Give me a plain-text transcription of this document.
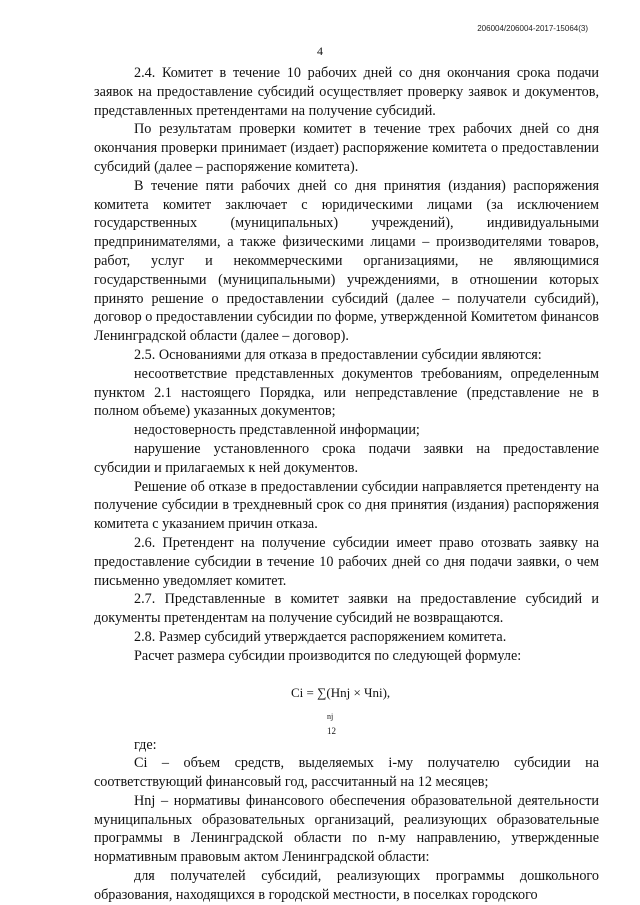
206004/206004-2017-15064(3)
4

2.4. Комитет в течение 10 рабочих дней со дня окончания срока подачи заявок на предоставление субсидий осуществляет проверку заявок и документов, представленных претендентами на получение субсидий.

По результатам проверки комитет в течение трех рабочих дней со дня окончания проверки принимает (издает) распоряжение комитета о предоставлении субсидий (далее – распоряжение комитета).

В течение пяти рабочих дней со дня принятия (издания) распоряжения комитета комитет заключает с юридическими лицами (за исключением государственных (муниципальных) учреждений), индивидуальными предпринимателями, а также физическими лицами – производителями товаров, работ, услуг и некоммерческими организациями, не являющимися государственными (муниципальными) учреждениями, в отношении которых принято решение о предоставлении субсидий (далее – получатели субсидий), договор о предоставлении субсидии по форме, утвержденной Комитетом финансов Ленинградской области (далее – договор).

2.5. Основаниями для отказа в предоставлении субсидии являются:

несоответствие представленных документов требованиям, определенным пунктом 2.1 настоящего Порядка, или непредставление (представление не в полном объеме) указанных документов;

недостоверность представленной информации;

нарушение установленного срока подачи заявки на предоставление субсидии и прилагаемых к ней документов.

Решение об отказе в предоставлении субсидии направляется претенденту на получение субсидии в трехдневный срок со дня принятия (издания) распоряжения комитета с указанием причин отказа.

2.6. Претендент на получение субсидии имеет право отозвать заявку на предоставление субсидии в течение 10 рабочих дней со дня подачи заявки, о чем письменно уведомляет комитет.

2.7. Представленные в комитет заявки на предоставление субсидий и документы претендентам на получение субсидий не возвращаются.

2.8. Размер субсидий утверждается распоряжением комитета.

Расчет размера субсидии производится по следующей формуле:

Сi = ∑(Hnj × Чni),
nj
12

где:

Сi – объем средств, выделяемых i-му получателю субсидии на соответствующий финансовый год, рассчитанный на 12 месяцев;

Hnj – нормативы финансового обеспечения образовательной деятельности муниципальных образовательных организаций, реализующих образовательные программы в Ленинградской области по n-му направлению, утвержденные нормативным правовым актом Ленинградской области:

для получателей субсидий, реализующих программы дошкольного образования, находящихся в городской местности, в поселках городского
